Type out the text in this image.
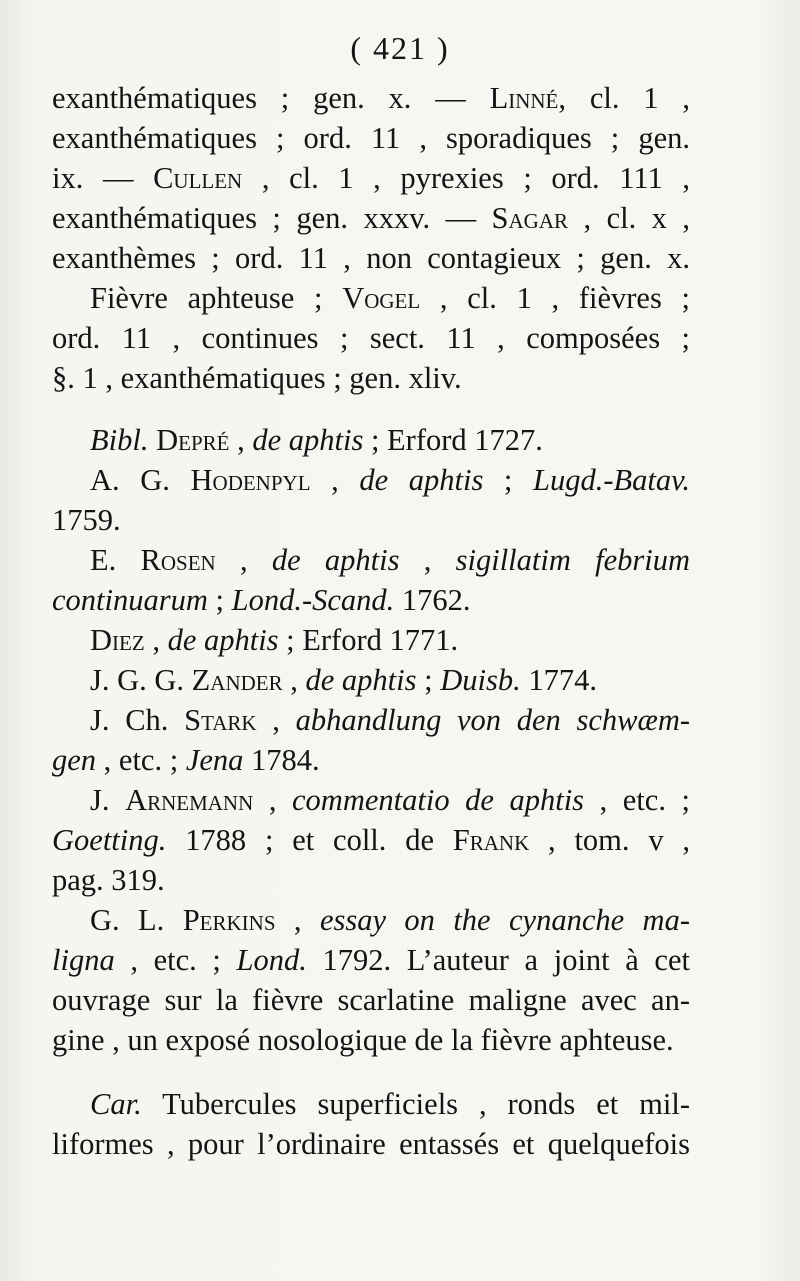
( 421 )
exanthématiques ; gen. x. — Linné, cl. 1 ,
exanthématiques ; ord. 11 , sporadiques ; gen.
ix. — Cullen , cl. 1 , pyrexies ; ord. 111 ,
exanthématiques ; gen. xxxv. — Sagar , cl. x ,
exanthèmes ; ord. 11 , non contagieux ; gen. x.
Fièvre aphteuse ; Vogel , cl. 1 , fièvres ;
ord. 11 , continues ; sect. 11 , composées ;
§. 1 , exanthématiques ; gen. xliv.
Bibl. Depré , de aphtis ; Erford 1727.
A. G. Hodenpyl , de aphtis ; Lugd.-Batav.
1759.
E. Rosen , de aphtis , sigillatim febrium
continuarum ; Lond.-Scand. 1762.
Diez , de aphtis ; Erford 1771.
J. G. G. Zander , de aphtis ; Duisb. 1774.
J. Ch. Stark , abhandlung von den schwæm-
gen , etc. ; Jena 1784.
J. Arnemann , commentatio de aphtis , etc. ;
Goetting. 1788 ; et coll. de Frank , tom. v ,
pag. 319.
G. L. Perkins , essay on the cynanche ma-
ligna , etc. ; Lond. 1792. L’auteur a joint à cet
ouvrage sur la fièvre scarlatine maligne avec an-
gine , un exposé nosologique de la fièvre aphteuse.
Car. Tubercules superficiels , ronds et mil-
liformes , pour l’ordinaire entassés et quelquefois
